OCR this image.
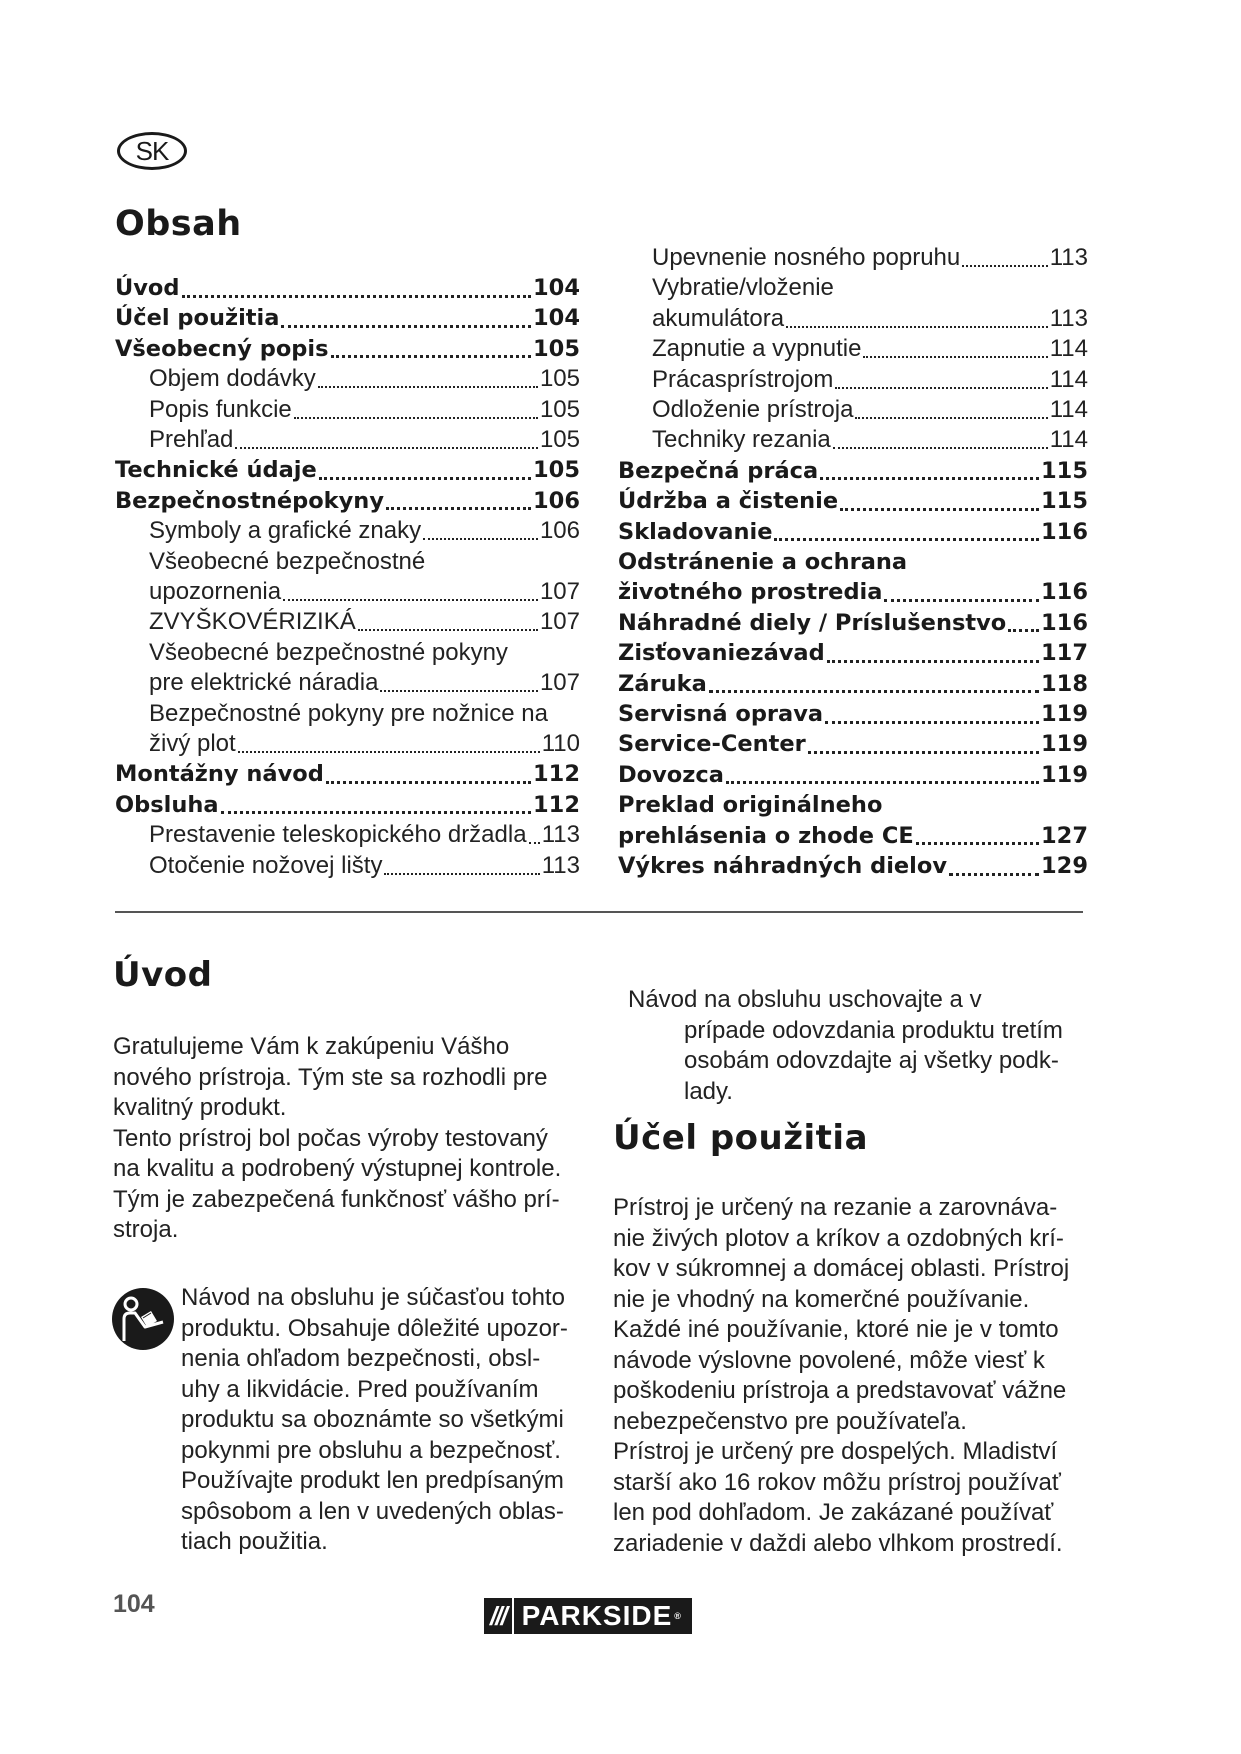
SK
Obsah
Úvod	104
Účel použitia	104
Všeobecný popis	105
Objem dodávky	105
Popis funkcie	105
Prehľad	105
Technické údaje	105
Bezpečnostnépokyny	106
Symboly a grafické znaky	106
Všeobecné bezpečnostné
upozornenia	107
ZVYŠKOVÉRIZIKÁ	107
Všeobecné bezpečnostné pokyny
pre elektrické náradia	107
Bezpečnostné pokyny pre nožnice na
živý plot	110
Montážny návod	112
Obsluha	112
Prestavenie teleskopického držadla 113
Otočenie nožovej lišty	113
Upevnenie nosného popruhu	113
Vybratie/vloženie
akumulátora	113
Zapnutie a vypnutie	114
Prácasprístrojom	114
Odloženie prístroja	114
Techniky rezania	114
Bezpečná práca	115
Údržba a čistenie	115
Skladovanie	116
Odstránenie a ochrana
životného prostredia	116
Náhradné diely / Príslušenstvo 116
Zisťovaniezávad	117
Záruka	118
Servisná oprava	119
Service-Center	119
Dovozca	119
Preklad originálneho
prehlásenia o zhode CE	127
Výkres náhradných dielov	129
Úvod
Gratulujeme Vám k zakúpeniu Vášho
nového prístroja. Tým ste sa rozhodli pre
kvalitný produkt.
Tento prístroj bol počas výroby testovaný
na kvalitu a podrobený výstupnej kontrole.
Tým je zabezpečená funkčnosť vášho prí-
stroja.
Návod na obsluhu je súčasťou tohto
produktu. Obsahuje dôležité upozor-
nenia ohľadom bezpečnosti, obsl-
uhy a likvidácie. Pred používaním
produktu sa oboznámte so všetkými
pokynmi pre obsluhu a bezpečnosť.
Používajte produkt len predpísaným
spôsobom a len v uvedených oblas-
tiach použitia.
Návod na obsluhu uschovajte a v
prípade odovzdania produktu tretím
osobám odovzdajte aj všetky podk-
lady.
Účel použitia
Prístroj je určený na rezanie a zarovnáva-
nie živých plotov a kríkov a ozdobných krí-
kov v súkromnej a domácej oblasti. Prístroj
nie je vhodný na komerčné používanie.
Každé iné používanie, ktoré nie je v tomto
návode výslovne povolené, môže viesť k
poškodeniu prístroja a predstavovať vážne
nebezpečenstvo pre používateľa.
Prístroj je určený pre dospelých. Mladiství
starší ako 16 rokov môžu prístroj používať
len pod dohľadom. Je zakázané používať
zariadenie v daždi alebo vlhkom prostredí.
104	/// PARKSIDE ®
